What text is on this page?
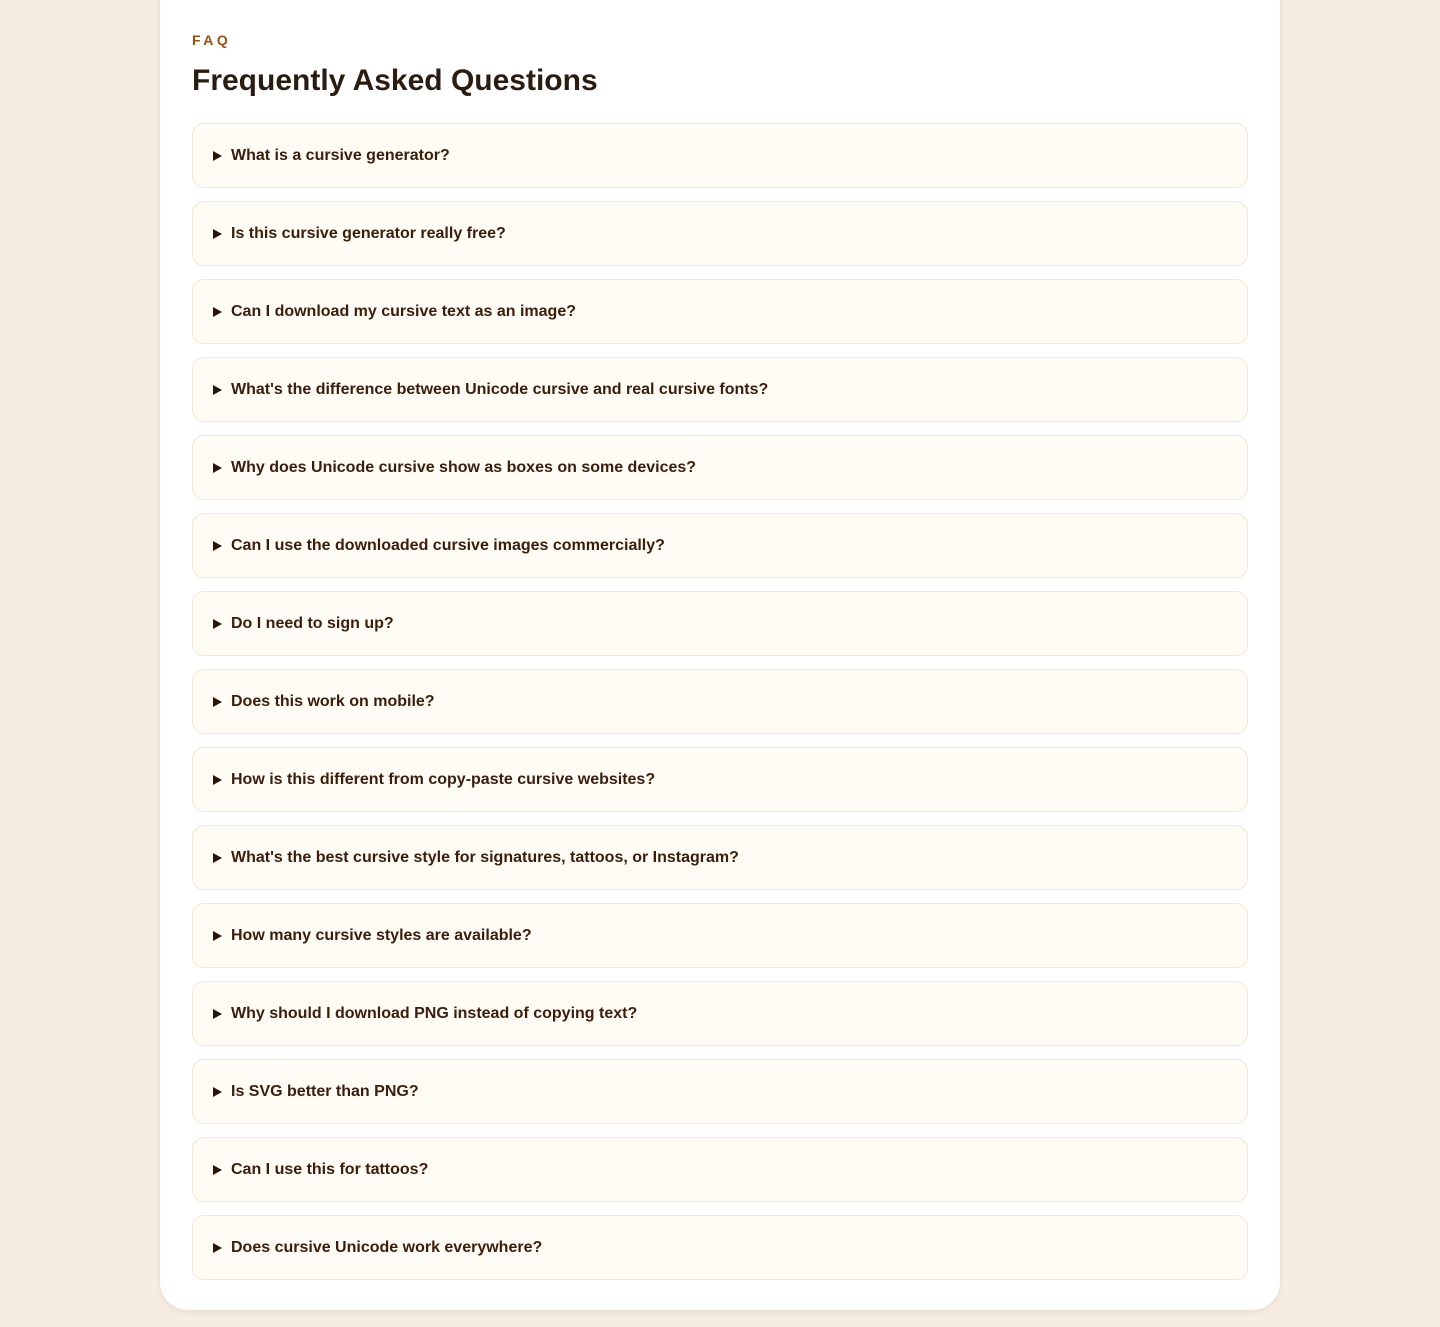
FAQ
Frequently Asked Questions
What is a cursive generator?
Is this cursive generator really free?
Can I download my cursive text as an image?
What's the difference between Unicode cursive and real cursive fonts?
Why does Unicode cursive show as boxes on some devices?
Can I use the downloaded cursive images commercially?
Do I need to sign up?
Does this work on mobile?
How is this different from copy-paste cursive websites?
What's the best cursive style for signatures, tattoos, or Instagram?
How many cursive styles are available?
Why should I download PNG instead of copying text?
Is SVG better than PNG?
Can I use this for tattoos?
Does cursive Unicode work everywhere?
